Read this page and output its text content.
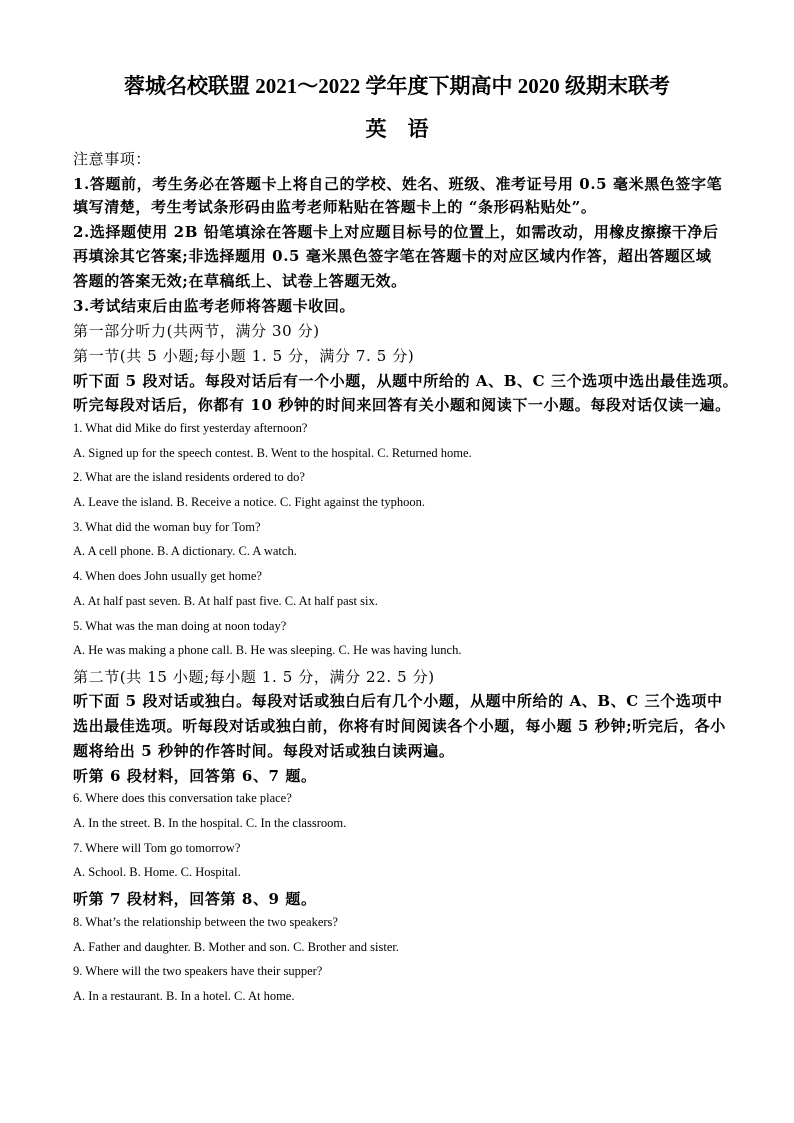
蓉城名校联盟 2021～2022 学年度下期高中 2020 级期末联考
英　语
注意事项：
1.答题前，考生务必在答题卡上将自己的学校、姓名、班级、准考证号用 0.5 毫米黑色签字笔
填写清楚，考生考试条形码由监考老师粘贴在答题卡上的 “条形码粘贴处”。
2.选择题使用 2B 铅笔填涂在答题卡上对应题目标号的位置上，如需改动，用橡皮擦擦干净后
再填涂其它答案;非选择题用 0.5 毫米黑色签字笔在答题卡的对应区域内作答，超出答题区域
答题的答案无效;在草稿纸上、试卷上答题无效。
3.考试结束后由监考老师将答题卡收回。
第一部分听力(共两节，满分 30 分)
第一节(共 5 小题;每小题 1. 5 分，满分 7. 5 分)
听下面 5 段对话。每段对话后有一个小题，从题中所给的 A、B、C 三个选项中选出最佳选项。
听完每段对话后，你都有 10 秒钟的时间来回答有关小题和阅读下一小题。每段对话仅读一遍。
1. What did Mike do first yesterday afternoon?
A. Signed up for the speech contest. B. Went to the hospital. C. Returned home.
2. What are the island residents ordered to do?
A. Leave the island. B. Receive a notice. C. Fight against the typhoon.
3. What did the woman buy for Tom?
A. A cell phone. B. A dictionary. C. A watch.
4. When does John usually get home?
A. At half past seven. B. At half past five. C. At half past six.
5. What was the man doing at noon today?
A. He was making a phone call. B. He was sleeping. C. He was having lunch.
第二节(共 15 小题;每小题 1. 5 分，满分 22. 5 分)
听下面 5 段对话或独白。每段对话或独白后有几个小题，从题中所给的 A、B、C 三个选项中
选出最佳选项。听每段对话或独白前，你将有时间阅读各个小题，每小题 5 秒钟;听完后，各小
题将给出 5 秒钟的作答时间。每段对话或独白读两遍。
听第 6 段材料，回答第 6、7 题。
6. Where does this conversation take place?
A. In the street. B. In the hospital. C. In the classroom.
7. Where will Tom go tomorrow?
A. School. B. Home. C. Hospital.
听第 7 段材料，回答第 8、9 题。
8. What’s the relationship between the two speakers?
A. Father and daughter. B. Mother and son. C. Brother and sister.
9. Where will the two speakers have their supper?
A. In a restaurant. B. In a hotel. C. At home.
